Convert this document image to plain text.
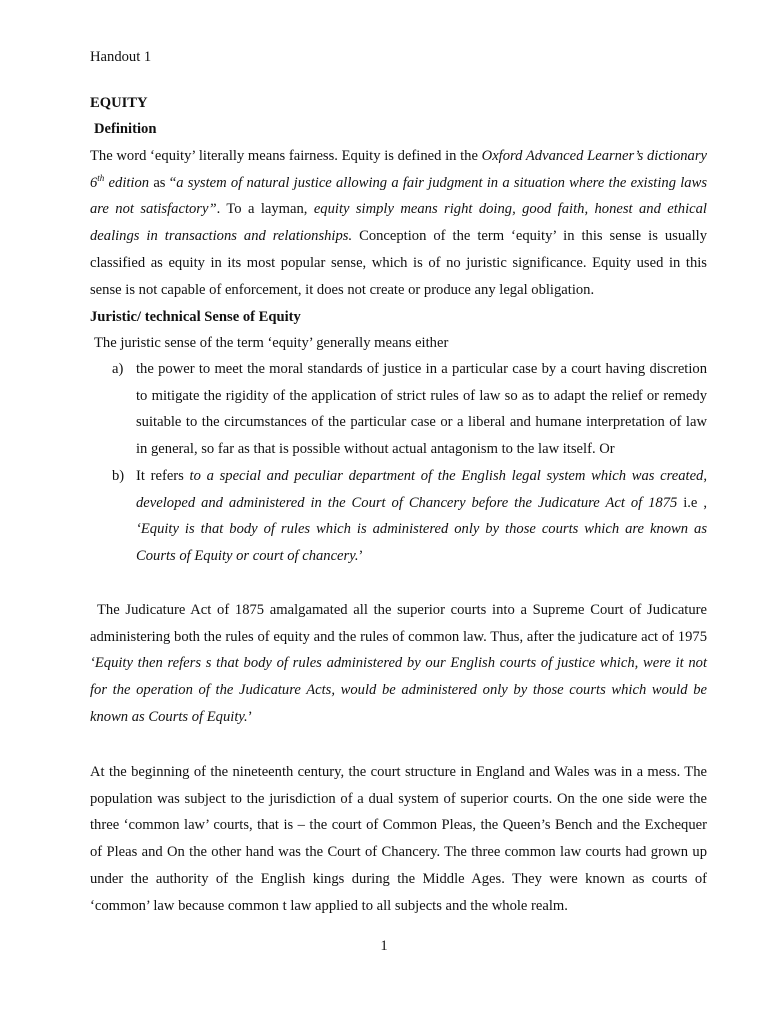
Handout 1
EQUITY
Definition
The word ‘equity’ literally means fairness. Equity is defined in the Oxford Advanced Learner’s dictionary 6th edition as “a system of natural justice allowing a fair judgment in a situation where the existing laws are not satisfactory”. To a layman, equity simply means right doing, good faith, honest and ethical dealings in transactions and relationships. Conception of the term ‘equity’ in this sense is usually classified as equity in its most popular sense, which is of no juristic significance. Equity used in this sense is not capable of enforcement, it does not create or produce any legal obligation.
Juristic/ technical Sense of Equity
The juristic sense of the term ‘equity’ generally means either
a) the power to meet the moral standards of justice in a particular case by a court having discretion to mitigate the rigidity of the application of strict rules of law so as to adapt the relief or remedy suitable to the circumstances of the particular case or a liberal and humane interpretation of law in general, so far as that is possible without actual antagonism to the law itself. Or
b) It refers to a special and peculiar department of the English legal system which was created, developed and administered in the Court of Chancery before the Judicature Act of 1875 i.e , ‘Equity is that body of rules which is administered only by those courts which are known as Courts of Equity or court of chancery.’
The Judicature Act of 1875 amalgamated all the superior courts into a Supreme Court of Judicature administering both the rules of equity and the rules of common law. Thus, after the judicature act of 1975 ‘Equity then refers s that body of rules administered by our English courts of justice which, were it not for the operation of the Judicature Acts, would be administered only by those courts which would be known as Courts of Equity.’
At the beginning of the nineteenth century, the court structure in England and Wales was in a mess. The population was subject to the jurisdiction of a dual system of superior courts. On the one side were the three ‘common law’ courts, that is – the court of Common Pleas, the Queen’s Bench and the Exchequer of Pleas and On the other hand was the Court of Chancery. The three common law courts had grown up under the authority of the English kings during the Middle Ages. They were known as courts of ‘common’ law because common t law applied to all subjects and the whole realm.
1
